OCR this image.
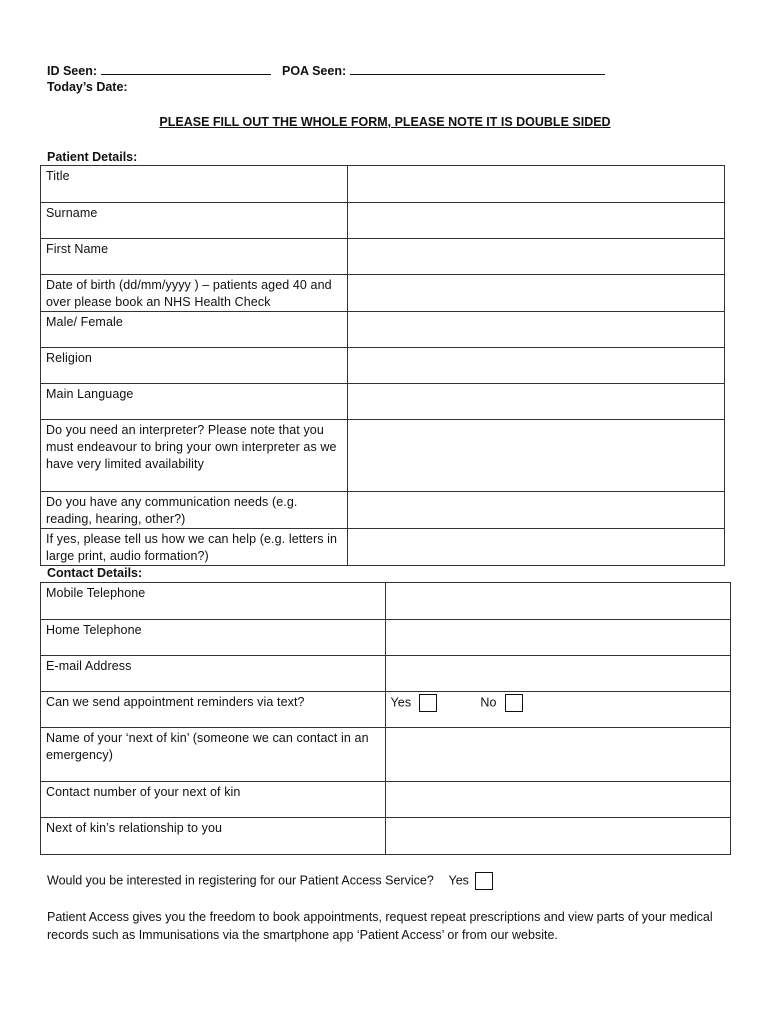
ID Seen:	POA Seen:
Today’s Date:
PLEASE FILL OUT THE WHOLE FORM, PLEASE NOTE IT IS DOUBLE SIDED
Patient Details:
Title	
Surname	
First Name	
Date of birth (dd/mm/yyyy ) – patients aged 40 and over please book an NHS Health Check	
Male/ Female	
Religion	
Main Language	
Do you need an interpreter? Please note that you must endeavour to bring your own interpreter as we have very limited availability	
Do you have any communication needs (e.g. reading, hearing, other?)	
If yes, please tell us how we can help (e.g. letters in large print, audio formation?)	
Contact Details:
Mobile Telephone	
Home Telephone	
E-mail Address	
Can we send appointment reminders via text?	Yes No
Name of your ‘next of kin’ (someone we can contact in an emergency)	
Contact number of your next of kin	
Next of kin’s relationship to you	
Would you be interested in registering for our Patient Access Service? Yes
Patient Access gives you the freedom to book appointments, request repeat prescriptions and view parts of your medical records such as Immunisations via the smartphone app ‘Patient Access’ or from our website.
